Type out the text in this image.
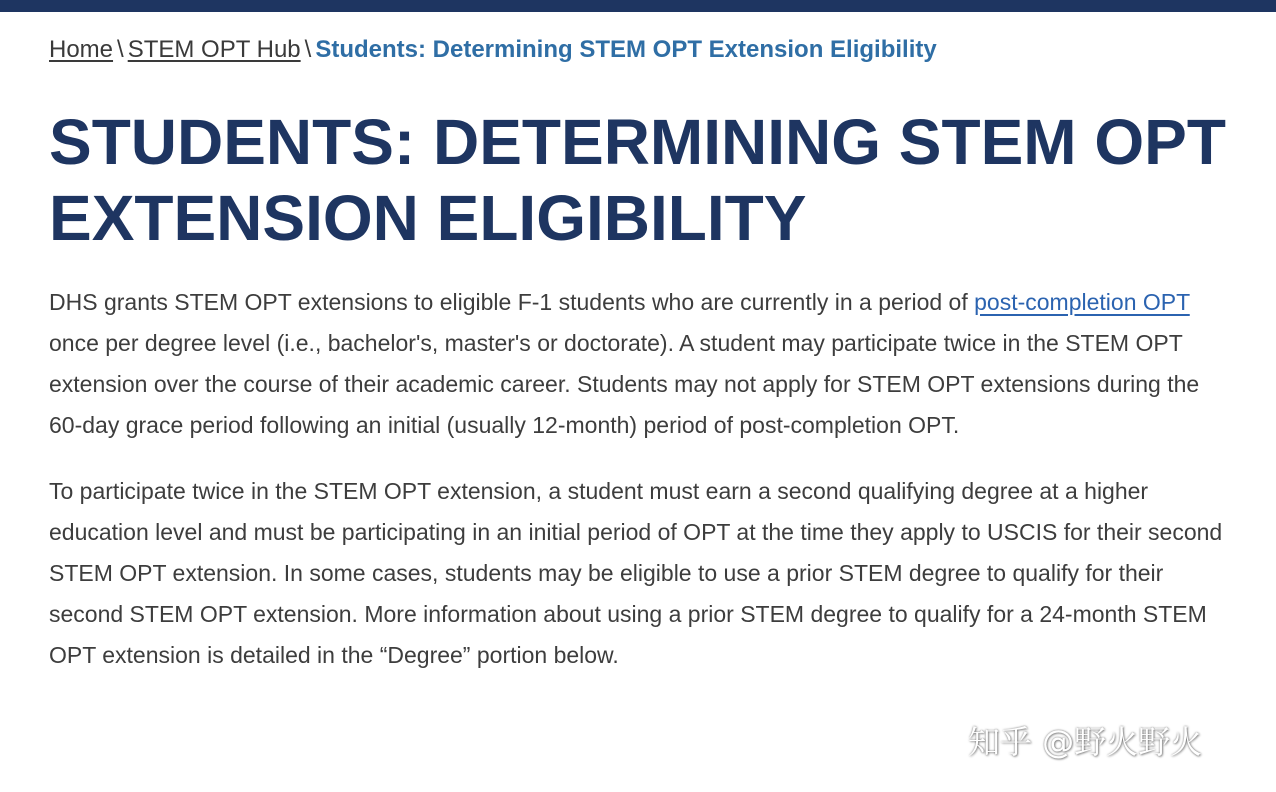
Home \ STEM OPT Hub \ Students: Determining STEM OPT Extension Eligibility
STUDENTS: DETERMINING STEM OPT EXTENSION ELIGIBILITY

DHS grants STEM OPT extensions to eligible F-1 students who are currently in a period of post-completion OPT once per degree level (i.e., bachelor's, master's or doctorate). A student may participate twice in the STEM OPT extension over the course of their academic career. Students may not apply for STEM OPT extensions during the 60-day grace period following an initial (usually 12-month) period of post-completion OPT.

To participate twice in the STEM OPT extension, a student must earn a second qualifying degree at a higher education level and must be participating in an initial period of OPT at the time they apply to USCIS for their second STEM OPT extension. In some cases, students may be eligible to use a prior STEM degree to qualify for their second STEM OPT extension. More information about using a prior STEM degree to qualify for a 24-month STEM OPT extension is detailed in the “Degree” portion below.

知乎 @野火野火
